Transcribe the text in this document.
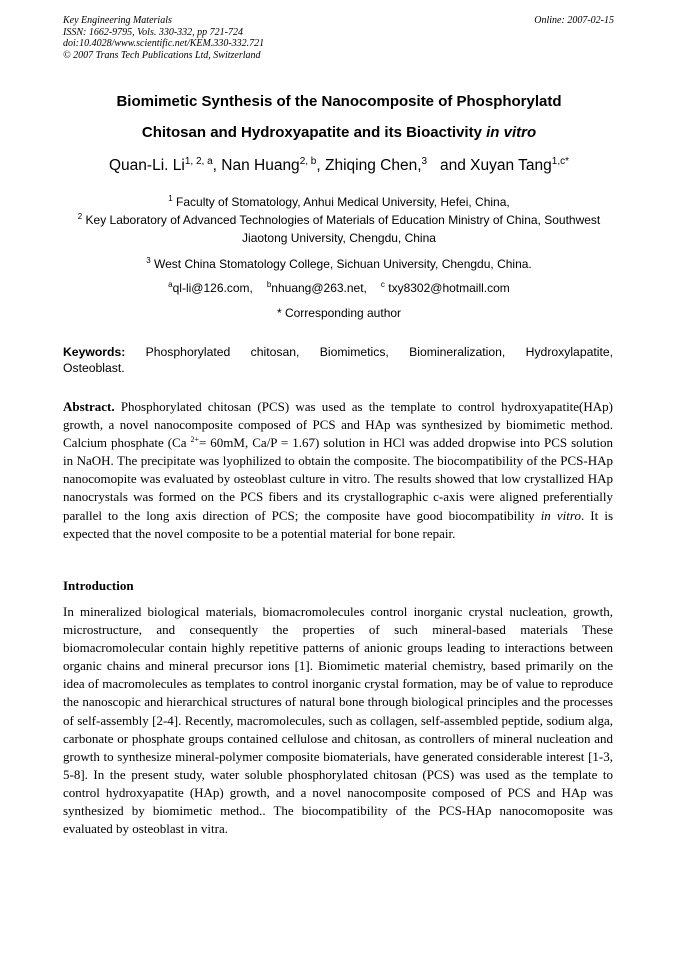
Key Engineering Materials
ISSN: 1662-9795, Vols. 330-332, pp 721-724
doi:10.4028/www.scientific.net/KEM.330-332.721
© 2007 Trans Tech Publications Ltd, Switzerland
Online: 2007-02-15
Biomimetic Synthesis of the Nanocomposite of Phosphorylatd
Chitosan and Hydroxyapatite and its Bioactivity in vitro
Quan-Li. Li$^{1, 2, a}$, Nan Huang$^{2, b}$, Zhiqing Chen,$^3$   and Xuyan Tang$^{1,c*}$
$^1$ Faculty of Stomatology, Anhui Medical University, Hefei, China,
$^2$ Key Laboratory of Advanced Technologies of Materials of Education Ministry of China, Southwest
Jiaotong University, Chengdu, China
$^3$ West China Stomatology College, Sichuan University, Chengdu, China.
$^a$ql-li@126.com, $^b$nhuang@263.net, $^c$ txy8302@hotmaill.com
* Corresponding author
Keywords: Phosphorylated chitosan, Biomimetics, Biomineralization, Hydroxylapatite,
Osteoblast.

Abstract. Phosphorylated chitosan (PCS) was used as the template to control hydroxyapatite(HAp) growth, a novel nanocomposite composed of PCS and HAp was synthesized by biomimetic method. Calcium phosphate (Ca $^{2+}$= 60mM, Ca/P = 1.67) solution in HCl was added dropwise into PCS solution in NaOH. The precipitate was lyophilized to obtain the composite. The biocompatibility of the PCS-HAp nanocomopite was evaluated by osteoblast culture in vitro. The results showed that low crystallized HAp nanocrystals was formed on the PCS fibers and its crystallographic c-axis were aligned preferentially parallel to the long axis direction of PCS; the composite have good biocompatibility in vitro. It is expected that the novel composite to be a potential material for bone repair.

Introduction

In mineralized biological materials, biomacromolecules control inorganic crystal nucleation, growth, microstructure, and consequently the properties of such mineral-based materials These biomacromolecular contain highly repetitive patterns of anionic groups leading to interactions between organic chains and mineral precursor ions [1]. Biomimetic material chemistry, based primarily on the idea of macromolecules as templates to control inorganic crystal formation, may be of value to reproduce the nanoscopic and hierarchical structures of natural bone through biological principles and the processes of self-assembly [2-4]. Recently, macromolecules, such as collagen, self-assembled peptide, sodium alga, carbonate or phosphate groups contained cellulose and chitosan, as controllers of mineral nucleation and growth to synthesize mineral-polymer composite biomaterials, have generated considerable interest [1-3, 5-8]. In the present study, water soluble phosphorylated chitosan (PCS) was used as the template to control hydroxyapatite (HAp) growth, and a novel nanocomposite composed of PCS and HAp was synthesized by biomimetic method.. The biocompatibility of the PCS-HAp nanocomoposite was evaluated by osteoblast in vitra.
